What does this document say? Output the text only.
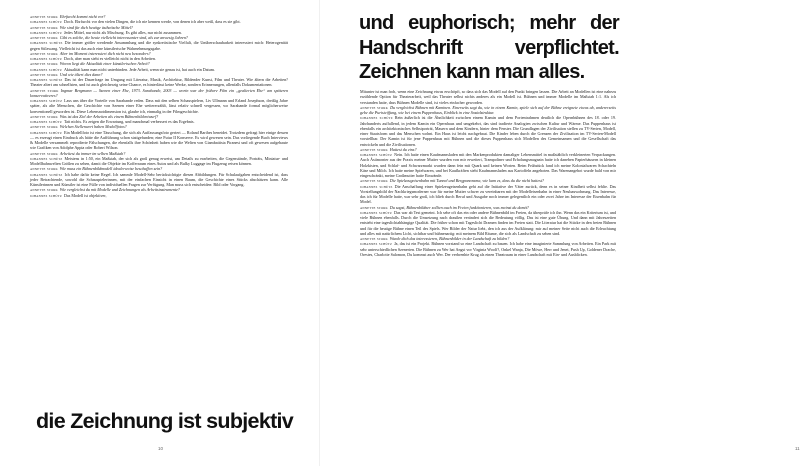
annette stork Ehrfurcht kommt nicht vor?
johannes schütz Doch. Ehrfurcht vor den vielen Dingen, die ich nie kennen werde, von denen ich aber weiß, dass es sie gibt.
annette stork Wie sind für dich heutige ästhetische Mittel?
johannes schütz Jedes Mittel, nur nicht als Mischung. Es gibt alles, nur nicht zusammen.
annette stork Gibt es solche, die heute vielleicht interessanter sind, als zur anwesig Jahren?
johannes schütz Die immer größer werdende Ansammlung und die synkretistische Vielfalt, die Unüberschaubarkeit interessiert mich: Heterogenität gegen Stilzwang. Vielleicht ist das auch eine künstlerische Wahrnehmungsgabe.
annette stork Aber im Moment interessiert dich nicht neu besonders?
johannes schütz Doch, aber man sieht es vielleicht nicht in den Arbeiten.
annette stork Wovon liegt die Aktualität einer künstlerischen Arbeit?
johannes schütz Aktualität kann man nicht unterbinden. Jede Arbeit, wenn sie genau ist, hat auch ein Datum.
annette stork Und wie ältert dies dann?
johannes schütz Das ist der Dauerfrage im Umgang mit Literatur, Musik, Architektur, Bildender Kunst, Film und Theater. Wie ältern die Arbeiten? Theater altert am schnellsten, und ist auch gleicherzig seine Chance, es hinterlässt keine Werke, sondern Erinnerungen, allenfalls Dokumentationen.
annette stork Ingmar Bergmann — Szenen einer Ehe, 1973. Sarabande, 2003 — worin war der frühere Film ein „gealterten Ehe“ am späteren konservativeres?
johannes schütz Lass uns über die Vorteile von Sarabande reden. Dass mit den selben Schauspielern, Liv Ullmann und Erland Josephson, dreißig Jahre später, als alte Menschen, die Geschichte von Szenen einer Ehe weitererzählt, lässt relativ schnell vergessen, wo Sarabande formal möglicherweise konventionell geworden ist. Diese Lebensnotdimension ist, glaube ich, einmalig in der Filmgeschichte.
annette stork Was ist das Ziel der Arbeiten als einem Bühnenbildentwurf?
johannes schütz Tatt nichts. Es zeigen die Erwartung, und manchmal verbessert es das Ergebnis.
annette stork Welchen Stellenwert haben Modellfotos?
johannes schütz Ein Modellfoto ist eine Täuschung, die sich als Auffassungsfoto geriert — Roland Barthes beneidet. Trotzdem gefragt hier einige dessen — es erzeugt einen Eindruck als hätte die Aufführung schon stattgefunden; eine Futur II Konserve. Es wird gewesen sein. Das vorliegende Buch Interviews & Modelle versammelt reprodierte Fälschungen, die ebenfalls ihre Schönheit haben wie die Welten von Giambattista Piranesi und oft gewesen aufgebaute wie Grafiken von Adolphe Appia oder Robert Wilson.
annette stork Arbeitest du immer im selben Maßstab?
johannes schütz Meistens in 1:50, ein Maßstab, der sich als groß genug erweist, um Details zu erarbeiten, die Gegenstände, Porträts, Miniatur- und Modellbahnwelten Größen zu sehen, damit die Objekte im Kofferraum eines Autos und als Bulky Luggage im Flugzeug reisen können.
annette stork Wie muss ein Bühnenbildmodell idealerweise beschaffen sein?
johannes schütz Ich habe dafür keine Regel. Ich sammle Modell-Sehr berücksichtigte diesen Abbildungen. Für Schulaufgaben entscheidend ist, dass jeder Betrachtende, sowohl die Schauspielerinnen, mit der einfachen Einsicht in einen Raum, die Geschichte eines Stücks abschätzen kann. Alle Künstlerinnen und Künstler ist eine Fülle von individuellen Fragen zur Verfügung. Man muss sich entscheiden: Bild oder Vorgang.
annette stork Wie vergleichst du mit Modelle und Zeichnungen als Arbeitsinstrumente?
johannes schütz Das Modell ist objektiver,
die Zeichnung ist subjektiv
10
und euphorisch; mehr der
Handschrift verpflichtet.
Zeichnen kann man alles.
Mitunter ist man froh, wenn eine Zeichnung etwas erschöpft, so dass sich das Modell auf den Punkt bringen lassen. Die Arbeit an Modellen ist eine nahezu erzählende Option für Theaterarbeit, weil das Theater selbst nichts anderes als ein Modell ist. Bühnen und immer Modelle im Maßstab 1:1. Als ich verstanden hatte, dass Bühnen Modelle sind, ist vieles einfacher geworden.
annette stork Du vergleichst Bühnen mit Kaminen. Einerseits sagt du, wie in einem Kamin, spiele sich auf der Bühne ereignete etwas ab, andererseits gebe die Puristeiffung, wie bei einem Puppenhaus, Einblick in eine Sozialstruktur.
johannes schütz Rein äußerlich ist die Ähnlichkeit zwischen einem Kamin und dem Portentrahmen deutlich die Opernbühnen des 18. oder 19. Jahrhunderts auffallend, in jedem Kamin ein Opernhaus und umgekehrt, das sind tradierte Analogien zwischen Kultur und Wärme. Das Puppenhaus ist ebenfalls ein architektonisches Selbstporträt, Mauern und dem Kindern, hinter dem Fenster. Die Grundlagen der Zivilisation stellen zu TV-Serien, Modell, einer Staatsform und das Menschen wohnt. Ein Haus ist leicht nachgebaut. Die Kinder leben durch die Grenzen der Zivilisation im TV-Serien-Modell vorstellbar. Der Kamin ist für jene Puppenhaus mit Bühnen und die dieses Puppenhaus sich Modellen des Gemeinsamen und die Gesellschaft das entwickeln und die Zivilisationen.
annette stork Hattest du eins?
johannes schütz Nein. Ich hatte einen Kaufmannsladen mit den Markenprodukten damaliger Lebensmittel in maßstäblich verkleinerten Verpackungen. Auch Ästimonter aus der Praxis meiner Mutter wurden von mir erweitert, Trampoliner und Erholungsmagazin hatte ich daneben Papierhäusern in kleinen Holzkisten, und Schlaf- und Schwarzmarkt wurden dann fein mit Quark und keinen Worten. Beim Frühstück fand ich meine Kolonialwaren Schachteln Käse und Milch. Ich hatte meine Spielwaren, und bei Kaufkräften steht Kaufmannsladen aus Kartoffeln angeboten. Das Warenangebot wurde bald von mir eingeschränkt, meine Großmutter hatte Einwände.
annette stork Die Spielzeugeisenbahn mit Tunnel und Bergpanorama, wie kam es, dass du die nicht hattest?
johannes schütz Die Anschaffung einer Spielzeugeisenbahn geht auf die Initiative der Väter zurück, denn es in seiner Kindheit selbst fehlte. Das Vorstellungsbild der Nachkriegsmoderner war für meine Mutter schwer zu vereinbaren mit der Modelleisenbahn in einer Neubauwohnung. Das Interesse, das ich für Modelle hatte, war sehr groß, ich blieb durch Beruf und Ausgabe noch immer gelegentlich ein oder zwei Jahre im Interesse der Eisenbahn für Model.
annette stork Du sagst, Bühnenbildner sollten auch im Freien funktionieren, was meinst du damit?
johannes schütz Das war ab Test gemeint. Ich sehe oft das ein oder andere Bühnenbild im Freien, da überprüfe ich ihn. Wenn das ein Kriterium ist, und viele Bühnen ebenfalls. Durch die Umsetzung nach draußen verändert sich die Bedeutung völlig. Das ist eine gute Übung. Und dann mit Jahreszeiten entsteht eine tageslichtabhängige Qualität. Die früher schon mit Tageslicht Dramen finden im Freien statt. Die Literatur hat die Stücke in den freien Bühnen und für die heutige Bühne einen Teil des Spiels. Wer Bilder der Natur liebt, den ich aus der Aufklärung: mir auf meiner Seite nicht auch die Erleuchtung und alles mit natürlichem Licht, sichtbar und bühnenartig: mit meinem Bild Räume, die sich als Landschaft zu sehen sind.
annette stork Wurde dich das interessieren, Bühnenbilder in der Landschaft zu bilden?
johannes schütz Ja, das ist ein Projekt. Bühnen vorstand so eine Landschaft zu bauen. Ich habe eine imaginierte Sammlung von Arbeiten. Ein Park mit sehr unterschiedlichen Szenerien. Die Bühnen zu Wer hat Angst vor Virginia Woolf?, Onkel Wanja, Die Möwe, Herr und Jenei, Push Up, Goldener Drache, Orestes, Charlotte Salomon, Du kommst auch Wer. Der verbrenhte Krug als einen Theatraum in einer Landschaft mit Ein- und Ausblicken.
11
